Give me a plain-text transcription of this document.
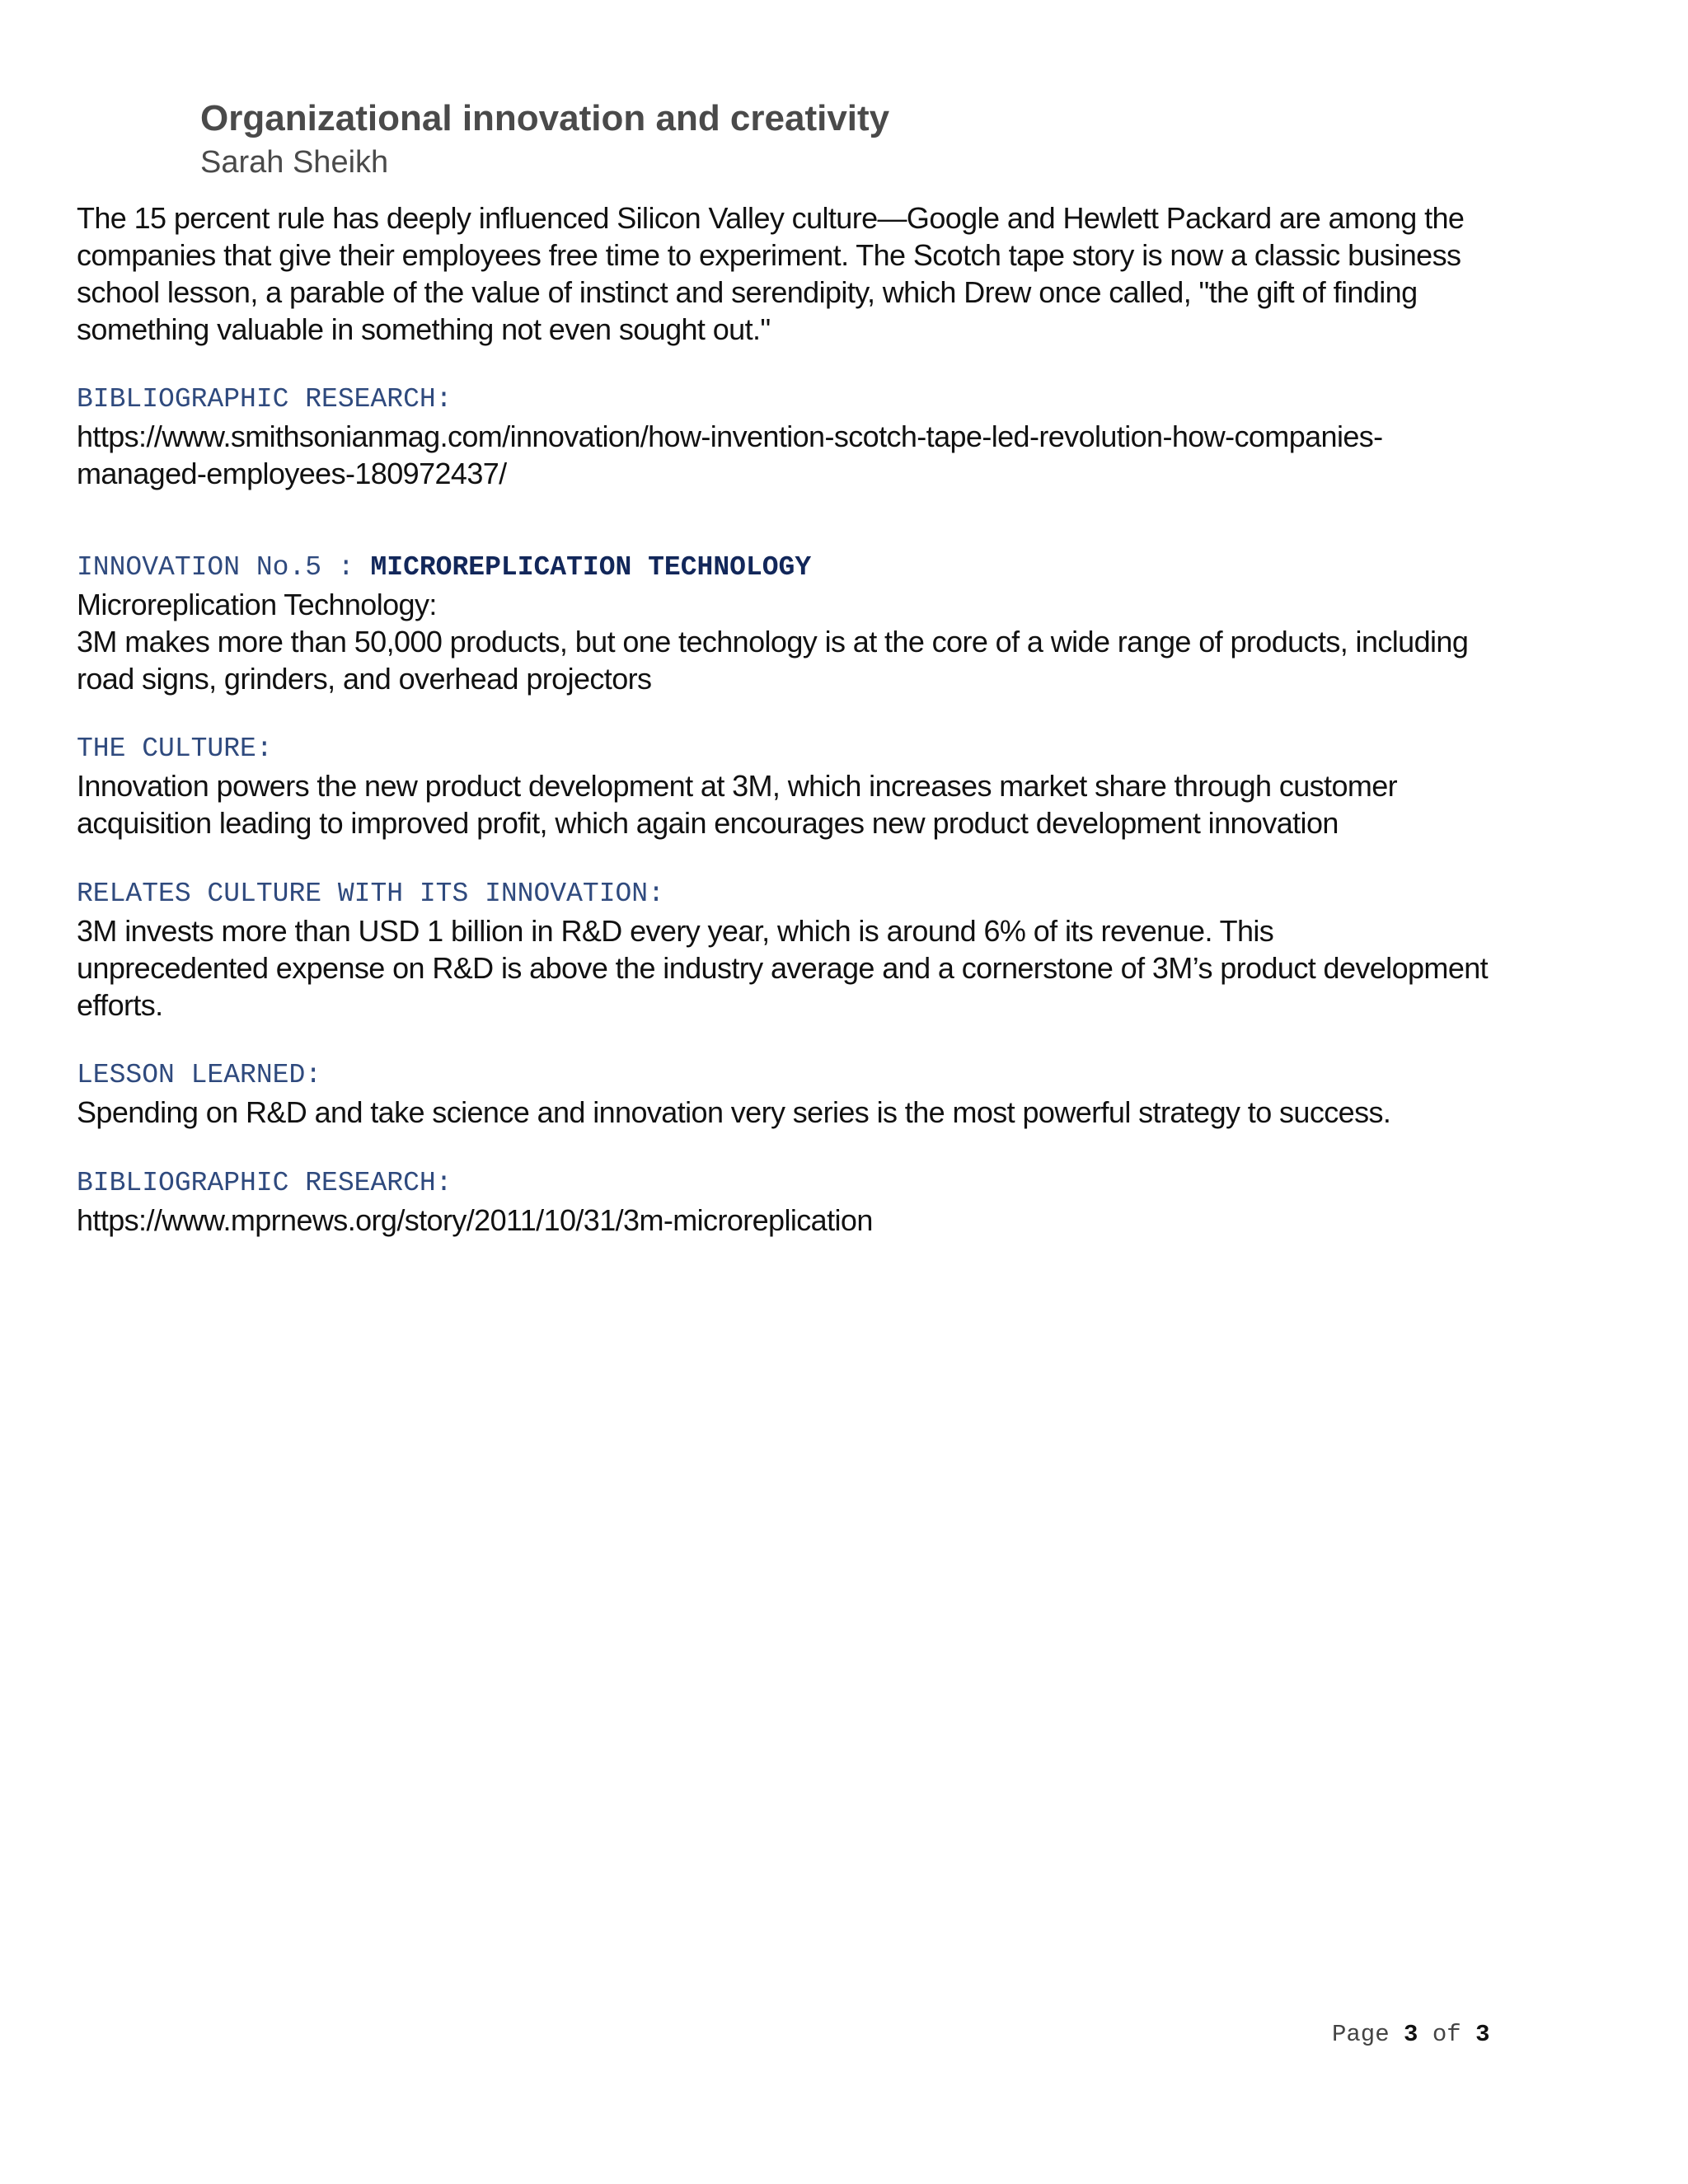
Organizational innovation and creativity

Sarah Sheikh

The 15 percent rule has deeply influenced Silicon Valley culture—Google and Hewlett Packard are among the

companies that give their employees free time to experiment. The Scotch tape story is now a classic business

school lesson, a parable of the value of instinct and serendipity, which Drew once called, "the gift of finding

something valuable in something not even sought out."

BIBLIOGRAPHIC RESEARCH:

https://www.smithsonianmag.com/innovation/how-invention-scotch-tape-led-revolution-how-companies-

managed-employees-180972437/

INNOVATION No.5 : MICROREPLICATION TECHNOLOGY

Microreplication Technology:

3M makes more than 50,000 products, but one technology is at the core of a wide range of products, including

road signs, grinders, and overhead projectors

THE CULTURE:

Innovation powers the new product development at 3M, which increases market share through customer

acquisition leading to improved profit, which again encourages new product development innovation

RELATES CULTURE WITH ITS INNOVATION:

3M invests more than USD 1 billion in R&D every year, which is around 6% of its revenue. This

unprecedented expense on R&D is above the industry average and a cornerstone of 3M’s product development

efforts.

LESSON LEARNED:

Spending on R&D and take science and innovation very series is the most powerful strategy to success.

BIBLIOGRAPHIC RESEARCH:

https://www.mprnews.org/story/2011/10/31/3m-microreplication

Page 3 of 3
